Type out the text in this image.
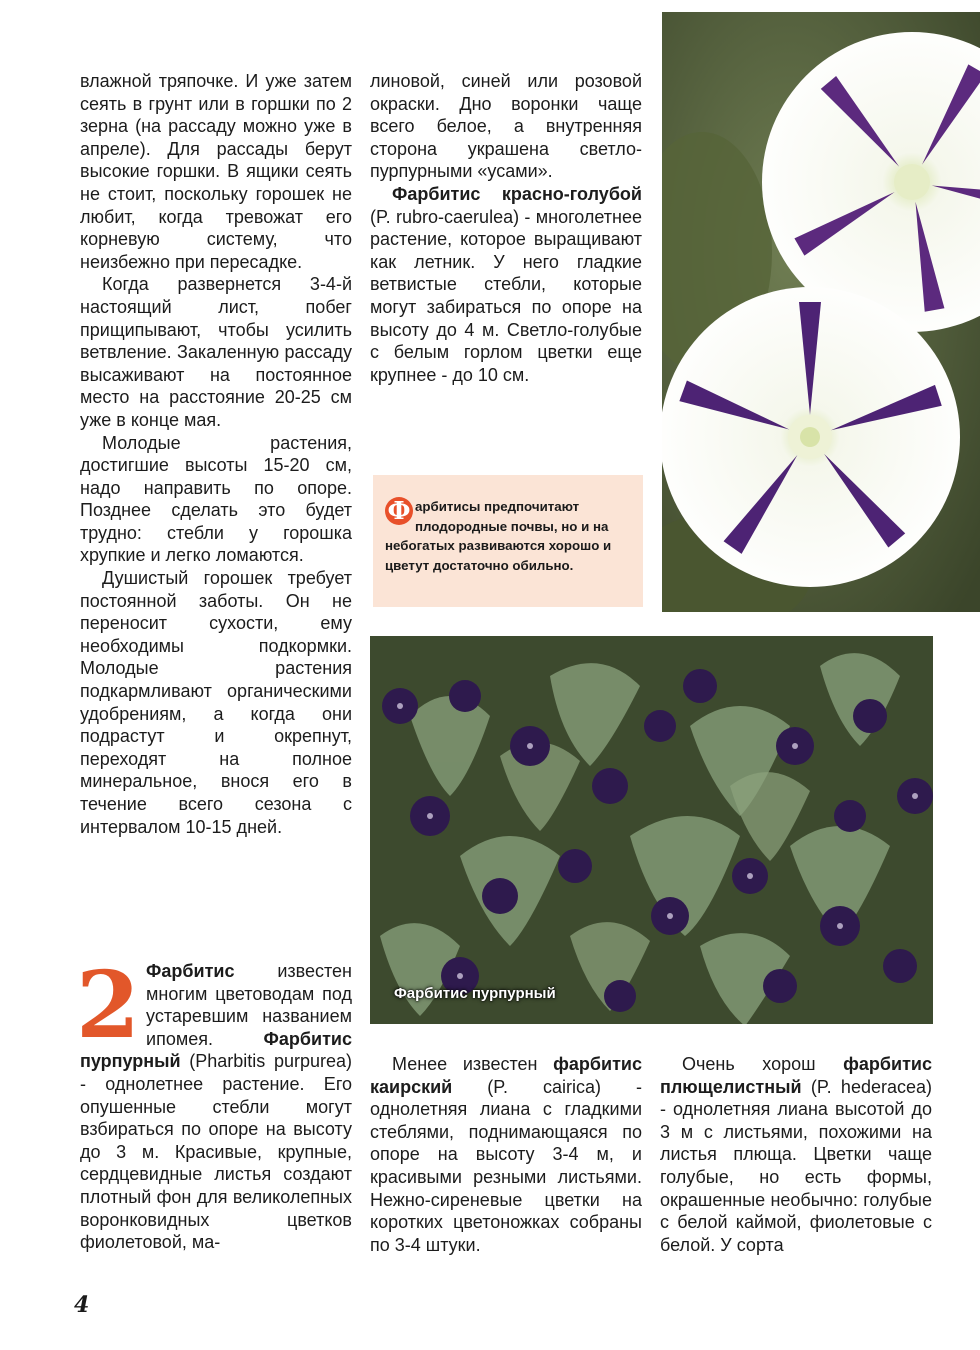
влажной тряпочке. И уже затем сеять в грунт или в горшки по 2 зерна (на рассаду можно уже в апреле). Для рассады берут высокие горшки. В ящики сеять не стоит, поскольку горошек не любит, когда тревожат его корневую систему, что неизбежно при пересадке.

Когда развернется 3-4-й настоящий лист, побег прищипывают, чтобы усилить ветвление. Закаленную рассаду высаживают на постоянное место на расстояние 20-25 см уже в конце мая.

Молодые растения, достигшие высоты 15-20 см, надо направить по опоре. Позднее сделать это будет трудно: стебли у горошка хрупкие и легко ломаются.

Душистый горошек требует постоянной заботы. Он не переносит сухости, ему необходимы подкормки. Молодые растения подкармливают органическими удобрениям, а когда они подрастут и окрепнут, переходят на полное минеральное, внося его в течение всего сезона с интервалом 10-15 дней.

2 Фарбитис известен многим цветоводам под устаревшим названием ипомея. Фарбитис пурпурный (Pharbitis purpurea) - однолетнее растение. Его опушенные стебли могут взбираться по опоре на высоту до 3 м. Красивые, крупные, сердцевидные листья создают плотный фон для великолепных воронковидных цветков фиолетовой, ма-

линовой, синей или розовой окраски. Дно воронки чаще всего белое, а внутренняя сторона украшена светло-пурпурными «усами».

Фарбитис красно-голубой (P. rubro-caerulea) - многолетнее растение, которое выращивают как летник. У него гладкие ветвистые стебли, которые могут забираться по опоре на высоту до 4 м. Светло-голубые с белым горлом цветки еще крупнее - до 10 см.

Ф арбитисы предпочитают плодородные почвы, но и на небогатых развиваются хорошо и цветут достаточно обильно.
Фарбитис пурпурный

Менее известен фарбитис каирский (P. cairica) - однолетняя лиана с гладкими стеблями, поднимающаяся по опоре на высоту 3-4 м, и красивыми резными листьями. Нежно-сиреневые цветки на коротких цветоножках собраны по 3-4 штуки.

Очень хорош фарбитис плющелистный (P. hederacea) - однолетняя лиана высотой до 3 м с листьями, похожими на листья плюща. Цветки чаще голубые, но есть формы, окрашенные необычно: голубые с белой каймой, фиолетовые с белой. У сорта

4
